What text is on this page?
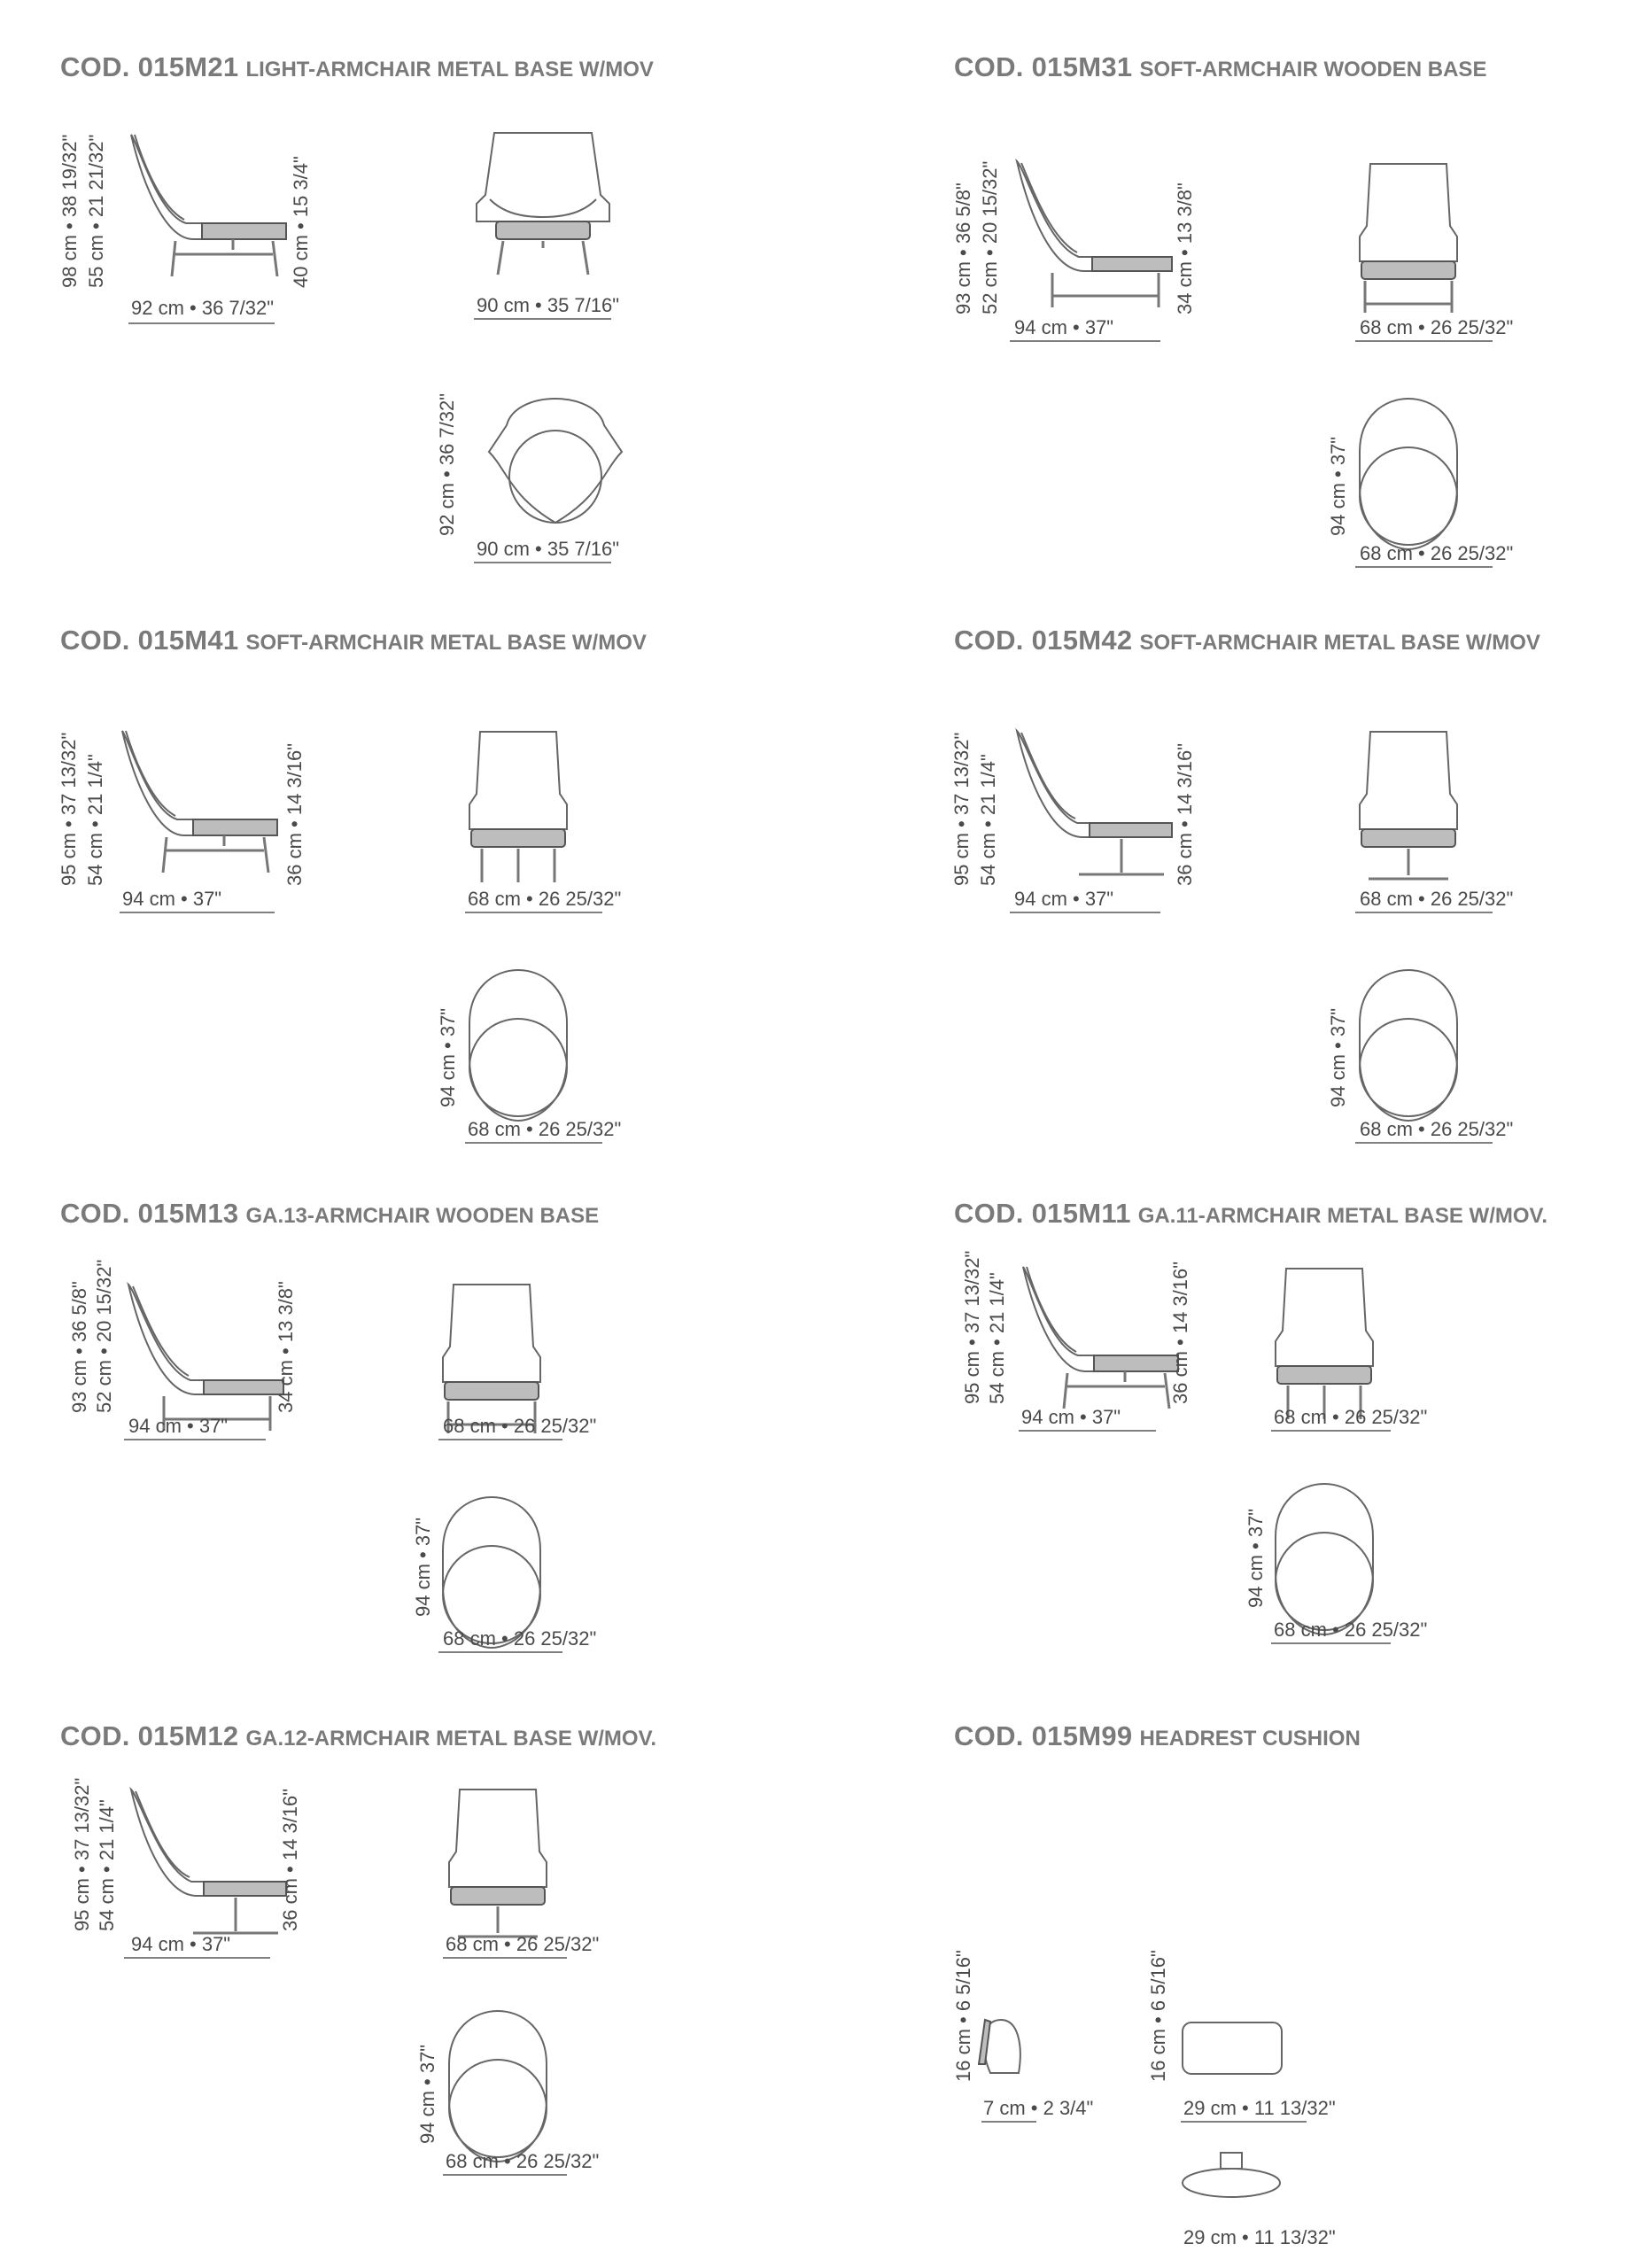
COD. 015M21 LIGHT-ARMCHAIR METAL BASE W/MOV	COD. 015M31 SOFT-ARMCHAIR WOODEN BASE
COD. 015M41 SOFT-ARMCHAIR METAL BASE W/MOV	COD. 015M42 SOFT-ARMCHAIR METAL BASE W/MOV
COD. 015M13 GA.13-ARMCHAIR WOODEN BASE	COD. 015M11 GA.11-ARMCHAIR METAL BASE W/MOV.
COD. 015M12 GA.12-ARMCHAIR METAL BASE W/MOV.	COD. 015M99 HEADREST CUSHION
92 cm • 36 7/32"	90 cm • 35 7/16"
90 cm • 35 7/16"
94 cm • 37"	68 cm • 26 25/32"
68 cm • 26 25/32"
94 cm • 37"	68 cm • 26 25/32"
68 cm • 26 25/32"
94 cm • 37"	68 cm • 26 25/32"
68 cm • 26 25/32"
94 cm • 37"	68 cm • 26 25/32"
68 cm • 26 25/32"
94 cm • 37"	68 cm • 26 25/32"
68 cm • 26 25/32"
94 cm • 37"	68 cm • 26 25/32"
68 cm • 26 25/32"
7 cm • 2 3/4"	29 cm • 11 13/32"
29 cm • 11 13/32"
98 cm • 38 19/32" 55 cm • 21 21/32"	40 cm • 15 3/4"
92 cm • 36 7/32"
93 cm • 36 5/8" 52 cm • 20 15/32"	34 cm • 13 3/8"
94 cm • 37"
95 cm • 37 13/32" 54 cm • 21 1/4"	36 cm • 14 3/16"
94 cm • 37"
95 cm • 37 13/32" 54 cm • 21 1/4"	36 cm • 14 3/16"
94 cm • 37"
93 cm • 36 5/8" 52 cm • 20 15/32"	34 cm • 13 3/8"
94 cm • 37"
95 cm • 37 13/32" 54 cm • 21 1/4"	36 cm • 14 3/16"
94 cm • 37"
95 cm • 37 13/32" 54 cm • 21 1/4"	36 cm • 14 3/16"
94 cm • 37"
16 cm • 6 5/16"	16 cm • 6 5/16"
